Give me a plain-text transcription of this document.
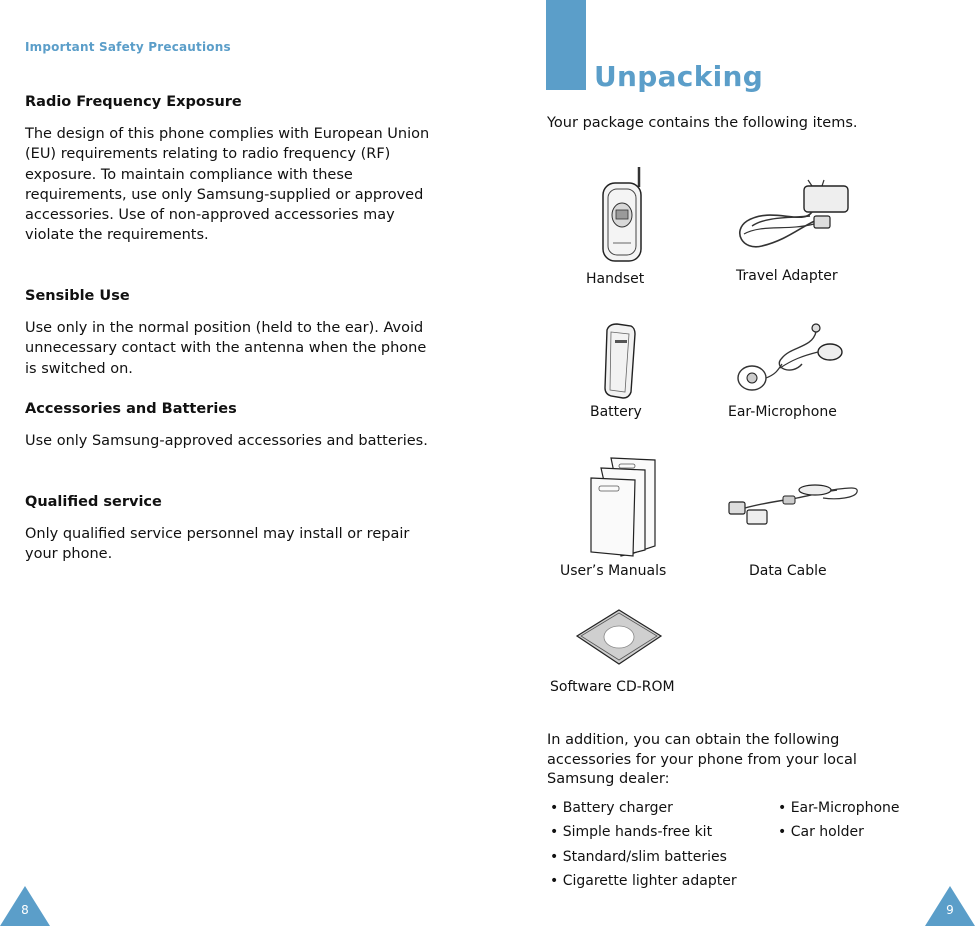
Important Safety Precautions
Radio Frequency Exposure
The design of this phone complies with European Union (EU) requirements relating to radio frequency (RF) exposure. To maintain compliance with these requirements, use only Samsung-supplied or approved accessories. Use of non-approved accessories may violate the requirements.
Sensible Use
Use only in the normal position (held to the ear). Avoid unnecessary contact with the antenna when the phone is switched on.
Accessories and Batteries
Use only Samsung-approved accessories and batteries.
Qualified service
Only qualified service personnel may install or repair your phone.
8
Unpacking
Your package contains the following items.
Handset	Travel Adapter
Battery	Ear-Microphone
User’s Manuals	Data Cable
Software CD-ROM
In addition, you can obtain the following accessories for your phone from your local Samsung dealer:
• Battery charger
• Simple hands-free kit
• Standard/slim batteries
• Cigarette lighter adapter
• Ear-Microphone
• Car holder
9
